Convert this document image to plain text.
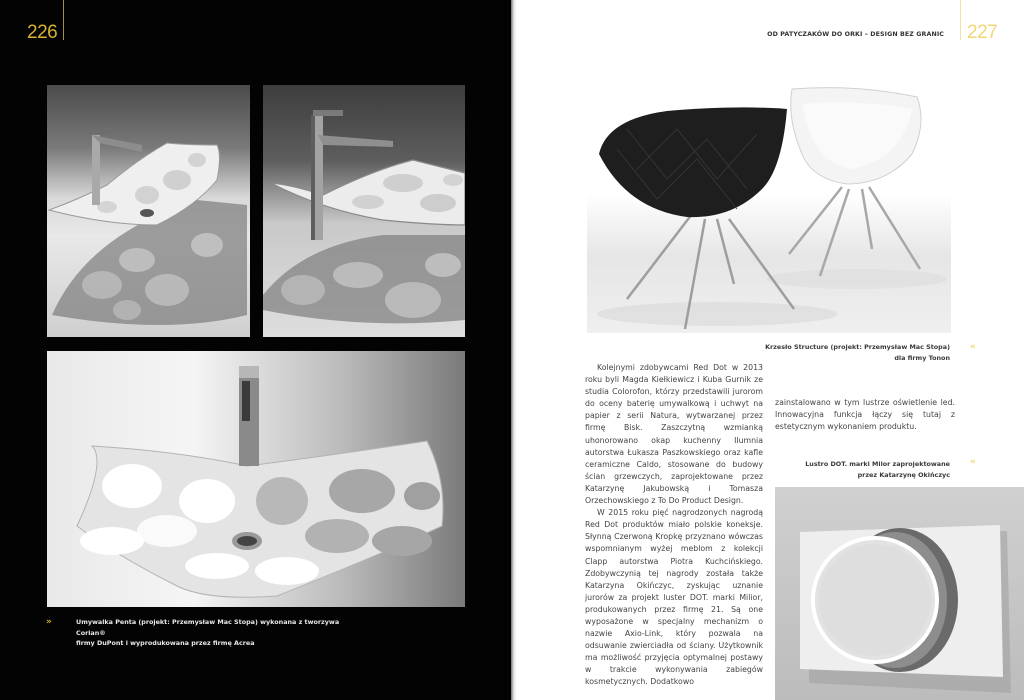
226	OD PATYCZAKÓW DO ORKI – DESIGN BEZ GRANIC 227
»	Umywalka Penta (projekt: Przemysław Mac Stopa) wykonana z tworzywa Corian®
firmy DuPont i wyprodukowana przez firmę Acrea
Krzesło Structure (projekt: Przemysław Mac Stopa)
dla firmy Tonon
«

Kolejnymi zdobywcami Red Dot w 2013 roku byli Magda Kiełkiewicz i Kuba Gurnik ze studia Colorofon, którzy przedstawili jurorom do oceny baterię umywalkową i uchwyt na papier z serii Natura, wytwarzanej przez firmę Bisk. Zaszczytną wzmianką uhonorowano okap kuchenny Ilumnia autorstwa Łukasza Paszkowskiego oraz kafle ceramiczne Caldo, stosowane do budowy ścian grzewczych, zaprojektowane przez Katarzynę Jakubowską i Tomasza Orzechowskiego z To Do Product Design.

W 2015 roku pięć nagrodzonych nagrodą Red Dot produktów miało polskie koneksje. Słynną Czerwoną Kropkę przyznano wówczas wspomnianym wyżej meblom z kolekcji Clapp autorstwa Piotra Kuchcińskiego. Zdobywczynią tej nagrody została także Katarzyna Okińczyc, zyskując uznanie jurorów za projekt luster DOT. marki Milior, produkowanych przez firmę 21. Są one wyposażone w specjalny mechanizm o nazwie Axio-Link, który pozwala na odsuwanie zwierciadła od ściany. Użytkownik ma możliwość przyjęcia optymalnej postawy w trakcie wykonywania zabiegów kosmetycznych. Dodatkowo

zainstalowano w tym lustrze oświetlenie led. Innowacyjna funkcja łączy się tutaj z estetycznym wykonaniem produktu.

Lustro DOT. marki Milor zaprojektowane
przez Katarzynę Okińczyc
«
